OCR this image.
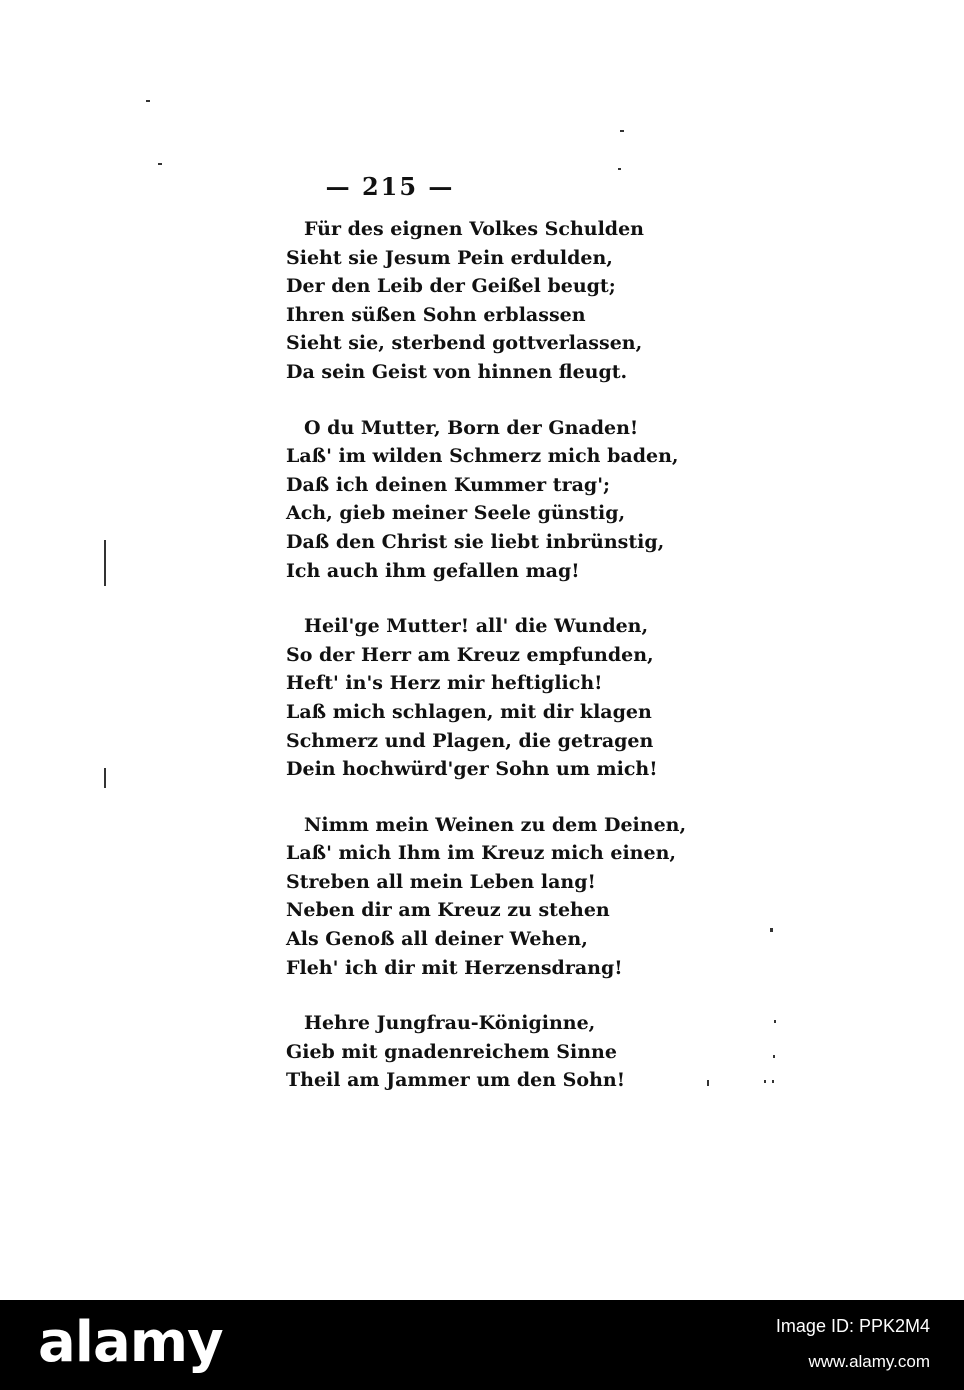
— 215 —
Für des eignen Volkes Schulden
Sieht sie Jesum Pein erdulden,
Der den Leib der Geißel beugt;
Ihren süßen Sohn erblassen
Sieht sie, sterbend gottverlassen,
Da sein Geist von hinnen fleugt.
O du Mutter, Born der Gnaden!
Laß' im wilden Schmerz mich baden,
Daß ich deinen Kummer trag';
Ach, gieb meiner Seele günstig,
Daß den Christ sie liebt inbrünstig,
Ich auch ihm gefallen mag!
Heil'ge Mutter! all' die Wunden,
So der Herr am Kreuz empfunden,
Heft' in's Herz mir heftiglich!
Laß mich schlagen, mit dir klagen
Schmerz und Plagen, die getragen
Dein hochwürd'ger Sohn um mich!
Nimm mein Weinen zu dem Deinen,
Laß' mich Ihm im Kreuz mich einen,
Streben all mein Leben lang!
Neben dir am Kreuz zu stehen
Als Genoß all deiner Wehen,
Fleh' ich dir mit Herzensdrang!
Hehre Jungfrau-Königinne,
Gieb mit gnadenreichem Sinne
Theil am Jammer um den Sohn!
alamy	Image ID: PPK2M4
www.alamy.com
